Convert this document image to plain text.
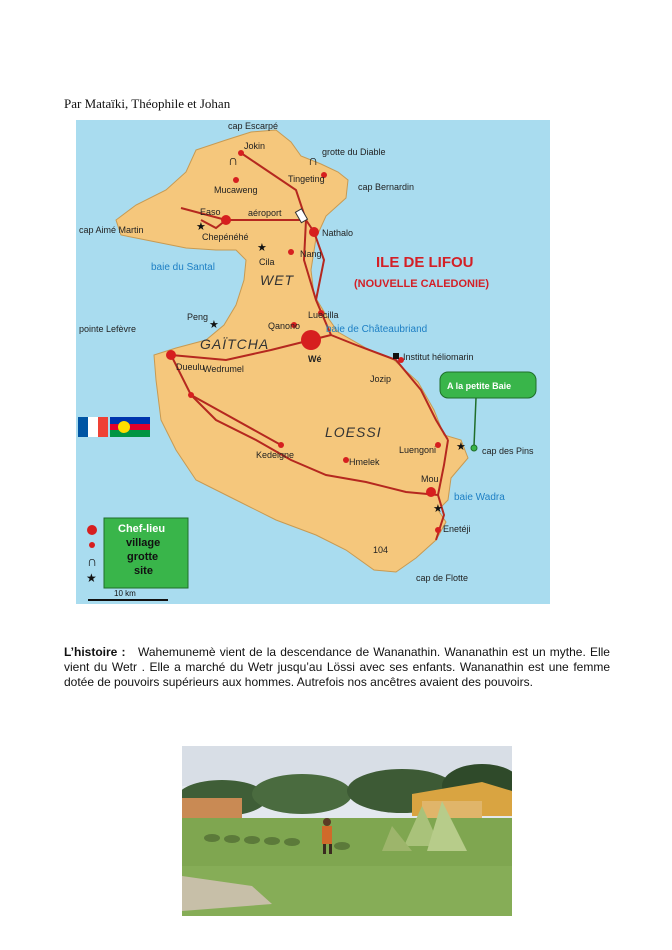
Par Mataïki, Théophile et Johan
∩	∩
★
★
★
★
★
Jokin
grotte du Diable
Mucaweng
Tingeting
Easo	aéroport
Chepénéhé	Nathalo
Cila
Nang
Peng	Luecilla
Qanono
Wé	Institut héliomarin
Dueulu
Wedrumel
Jozip
Luengoni
Kedeigne
Hmelek
Mou
Enetéji
104
cap Escarpé
cap Bernardin
cap Aimé Martin
pointe Lefèvre
cap des Pins
cap de Flotte
baie du Santal
baie de Châteaubriand
baie Wadra
WET
GAÏTCHA
LOESSI
ILE DE LIFOU
(NOUVELLE CALEDONIE)
A la petite Baie
∩
★
Chef-lieu
village
grotte
site
10 km
L’histoire : Wahemunemè vient de la descendance de Wananathin. Wananathin est un mythe. Elle vient du Wetr . Elle a marché du Wetr jusqu’au Lössi avec ses enfants. Wananathin est une femme dotée de pouvoirs supérieurs aux hommes. Autrefois nos ancêtres avaient des pouvoirs.
